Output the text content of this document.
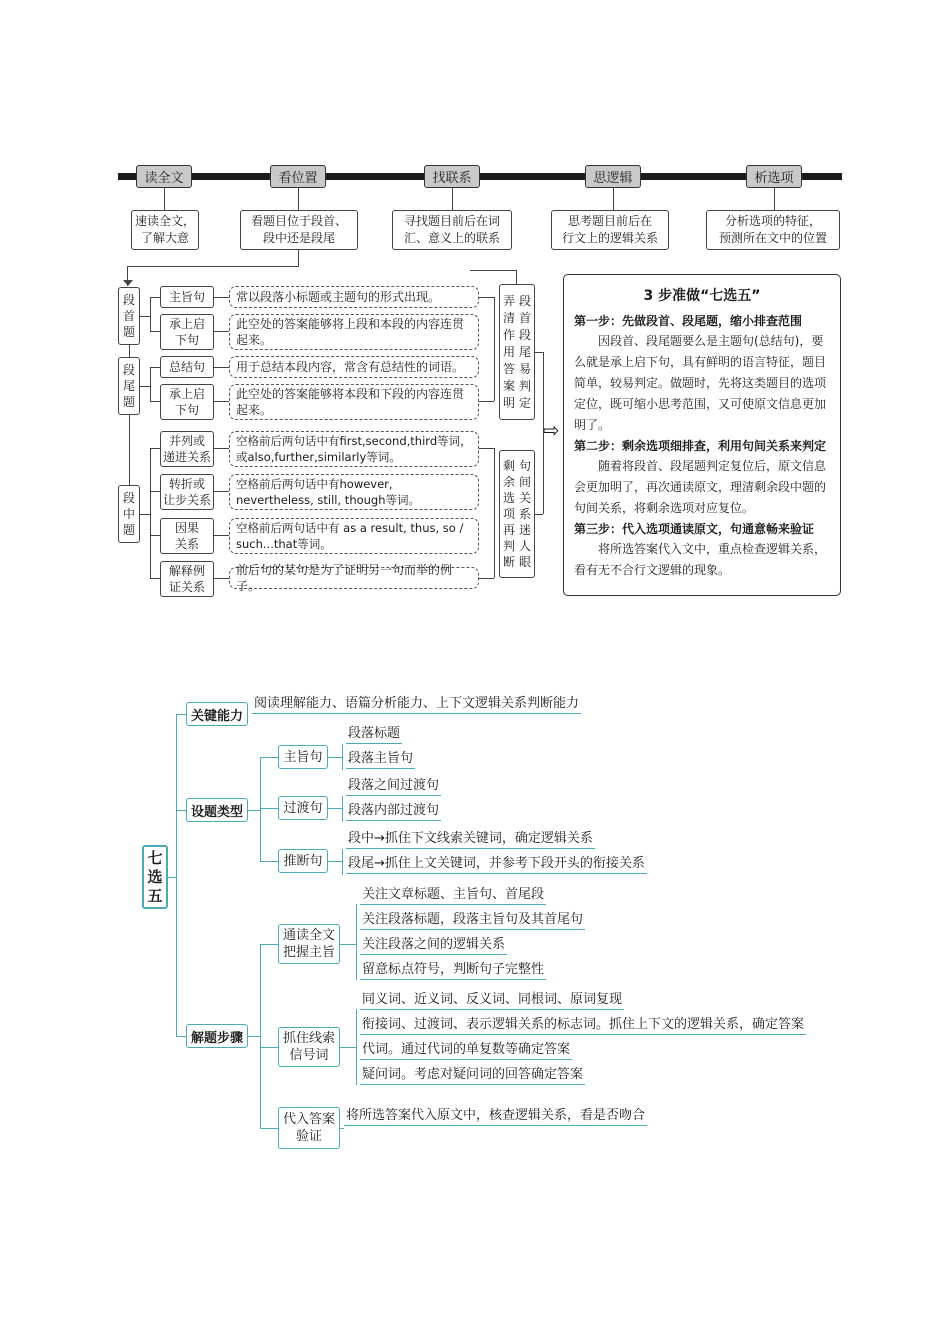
读全文	看位置	找联系	思逻辑	析选项
速读全文，
了解大意
看题目位于段首、
段中还是段尾
寻找题目前后在词
汇、意义上的联系
思考题目前后在
行文上的逻辑关系
分析选项的特征，
预测所在文中的位置
段
首
题
段
尾
题
段
中
题
主旨句
承上启
下句
总结句
承上启
下句
并列或
递进关系
转折或
让步关系
因果
关系
解释例
证关系
常以段落小标题或主题句的形式出现。
此空处的答案能够将上段和本段的内容连贯起来。
用于总结本段内容，常含有总结性的词语。
此空处的答案能够将本段和下段的内容连贯起来。
空格前后两句话中有first,second,third等词，或also,further,similarly等词。
空格前后两句话中有however, nevertheless, still, though等词。
空格前后两句话中有 as a result, thus, so / such...that等词。
前后句的某句是为了证明另一句而举的例子。
段
首
段
尾
易
判
定
弄
清
作
用
答
案
明
句
间
关
系
迷
人
眼
剩
余
选
项
再
判
断
⇨
3 步准做“七选五”
第一步：先做段首、段尾题，缩小排查范围

因段首、段尾题要么是主题句(总结句)，要么就是承上启下句，具有鲜明的语言特征，题目简单，较易判定。做题时，先将这类题目的选项定位，既可缩小思考范围，又可使原文信息更加明了。

第二步：剩余选项细排查，利用句间关系来判定

随着将段首、段尾题判定复位后，原文信息会更加明了，再次通读原文，理清剩余段中题的句间关系，将剩余选项对应复位。

第三步：代入选项通读原文，句通意畅来验证

将所选答案代入文中，重点检查逻辑关系，看有无不合行文逻辑的现象。

七
选
五
关键能力
阅读理解能力、语篇分析能力、上下文逻辑关系判断能力
设题类型
解题步骤
主旨句
过渡句
推断句
段落标题
段落主旨句
段落之间过渡句
段落内部过渡句
段中→抓住下文线索关键词，确定逻辑关系
段尾→抓住上文关键词，并参考下段开头的衔接关系
通读全文
把握主旨
抓住线索
信号词
代入答案
验证
关注文章标题、主旨句、首尾段
关注段落标题，段落主旨句及其首尾句
关注段落之间的逻辑关系
留意标点符号，判断句子完整性
同义词、近义词、反义词、同根词、原词复现
衔接词、过渡词、表示逻辑关系的标志词。抓住上下文的逻辑关系，确定答案
代词。通过代词的单复数等确定答案
疑问词。考虑对疑问词的回答确定答案
将所选答案代入原文中，核查逻辑关系，看是否吻合
